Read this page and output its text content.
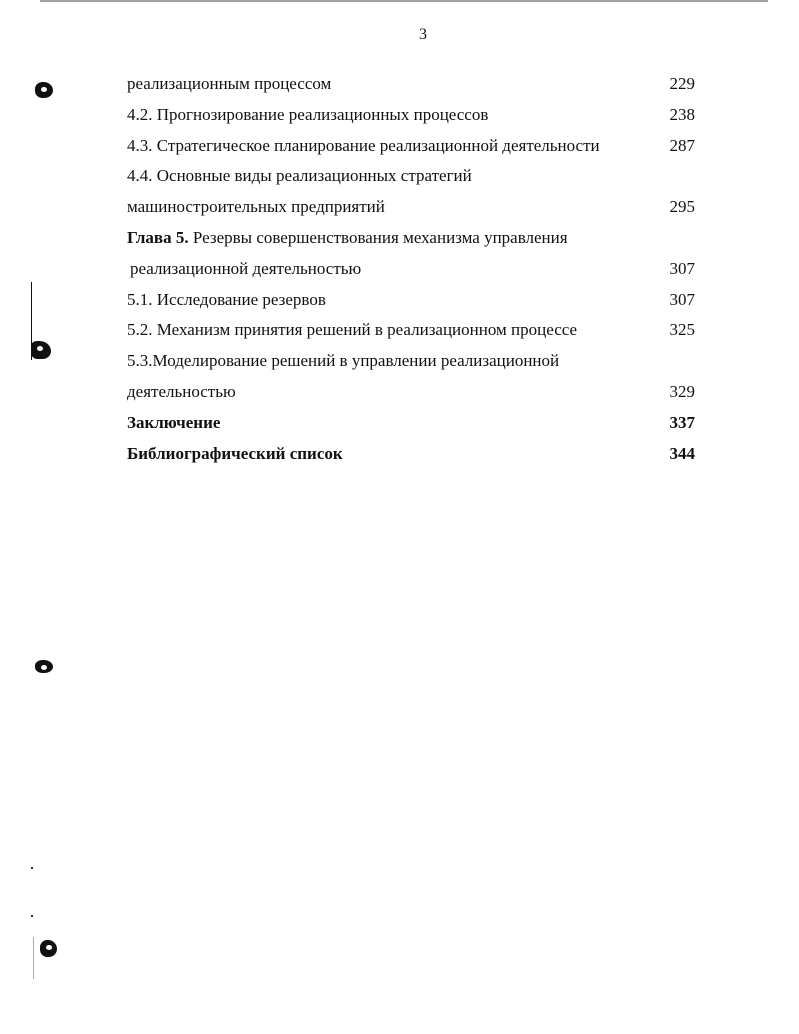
3
реализационным процессом	229
4.2. Прогнозирование реализационных процессов	238
4.3. Стратегическое планирование реализационной деятельности	287
4.4. Основные виды реализационных стратегий
машиностроительных предприятий	295
Глава 5. Резервы совершенствования механизма управления
реализационной деятельностью	307
5.1. Исследование резервов	307
5.2. Механизм принятия решений в реализационном процессе	325
5.3.Моделирование решений в управлении реализационной
деятельностью	329
Заключение	337
Библиографический список	344
